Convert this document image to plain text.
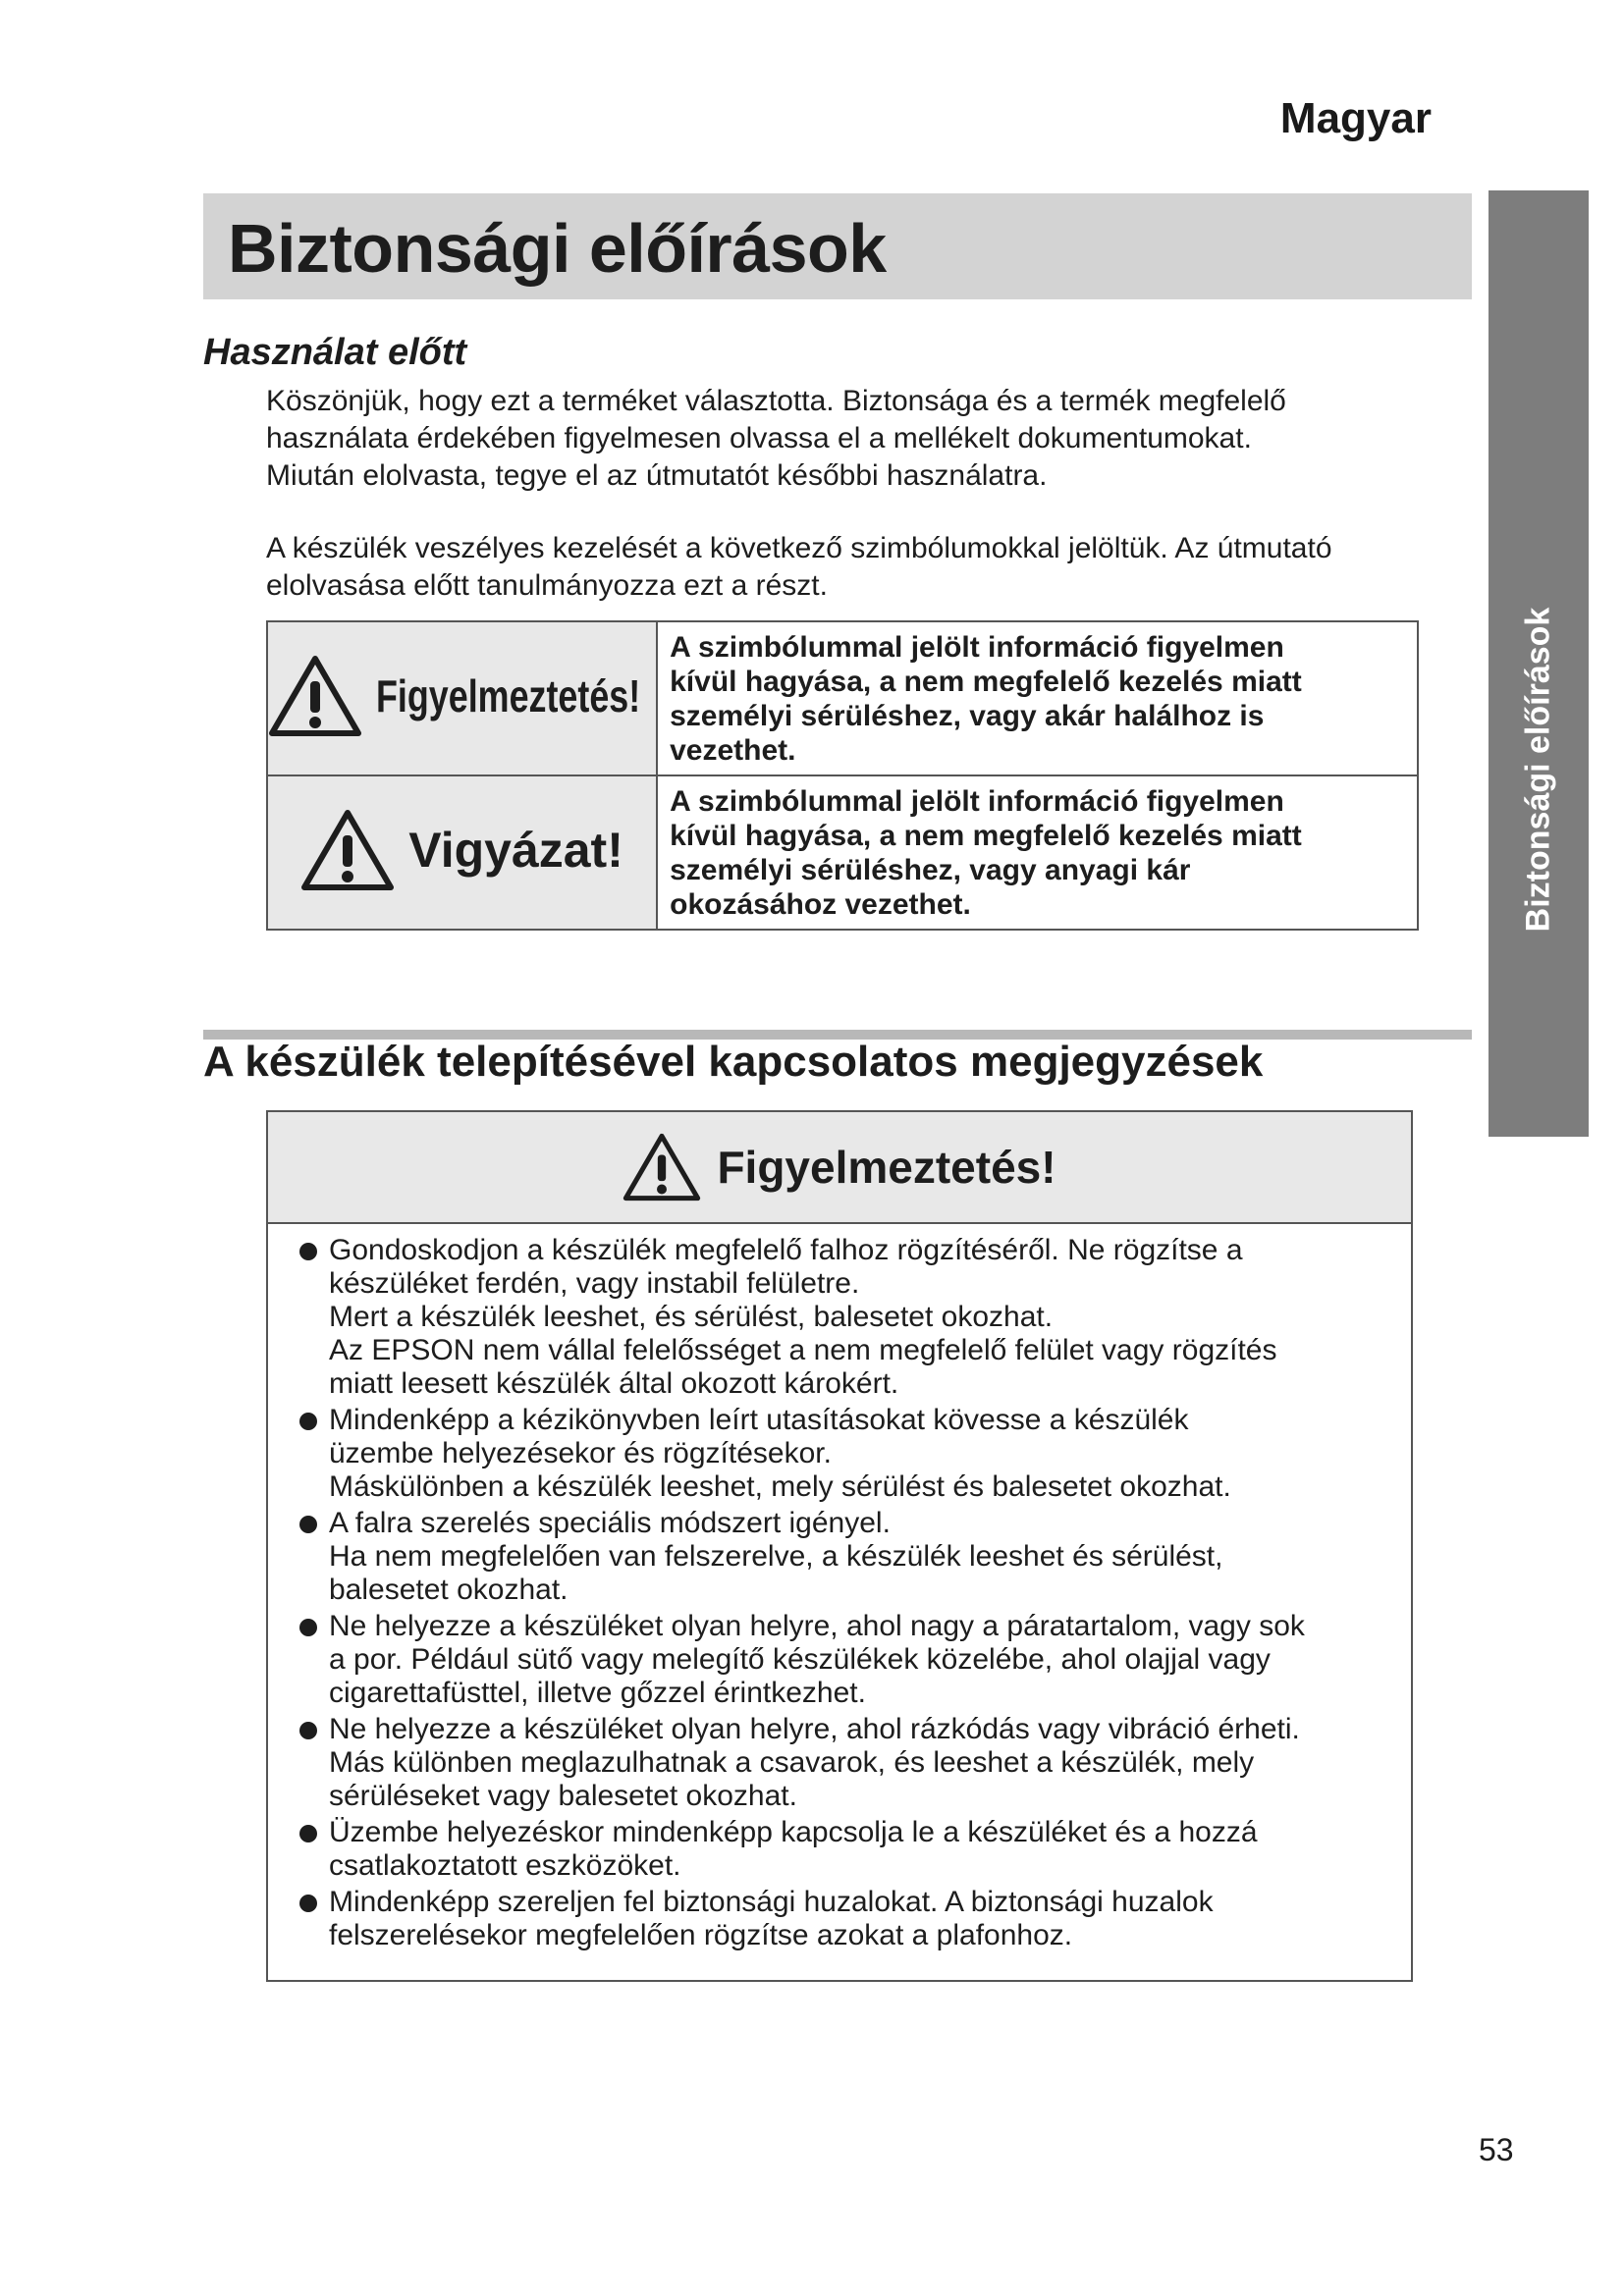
Magyar
Biztonsági előírások
Biztonsági előírások
Használat előtt

Köszönjük, hogy ezt a terméket választotta. Biztonsága és a termék megfelelő
használata érdekében figyelmesen olvassa el a mellékelt dokumentumokat.
Miután elolvasta, tegye el az útmutatót későbbi használatra.

A készülék veszélyes kezelését a következő szimbólumokkal jelöltük. Az útmutató
elolvasása előtt tanulmányozza ezt a részt.

Figyelmeztetés!	A szimbólummal jelölt információ figyelmen
kívül hagyása, a nem megfelelő kezelés miatt
személyi sérüléshez, vagy akár halálhoz is
vezethet.

Vigyázat!	A szimbólummal jelölt információ figyelmen
kívül hagyása, a nem megfelelő kezelés miatt
személyi sérüléshez, vagy anyagi kár
okozásához vezethet.
A készülék telepítésével kapcsolatos megjegyzések
Figyelmeztetés!
Gondoskodjon a készülék megfelelő falhoz rögzítéséről. Ne rögzítse a
készüléket ferdén, vagy instabil felületre.
Mert a készülék leeshet, és sérülést, balesetet okozhat.
Az EPSON nem vállal felelősséget a nem megfelelő felület vagy rögzítés
miatt leesett készülék által okozott károkért.
Mindenképp a kézikönyvben leírt utasításokat kövesse a készülék
üzembe helyezésekor és rögzítésekor.
Máskülönben a készülék leeshet, mely sérülést és balesetet okozhat.
A falra szerelés speciális módszert igényel.
Ha nem megfelelően van felszerelve, a készülék leeshet és sérülést,
balesetet okozhat.
Ne helyezze a készüléket olyan helyre, ahol nagy a páratartalom, vagy sok
a por. Például sütő vagy melegítő készülékek közelébe, ahol olajjal vagy
cigarettafüsttel, illetve gőzzel érintkezhet.
Ne helyezze a készüléket olyan helyre, ahol rázkódás vagy vibráció érheti.
Más különben meglazulhatnak a csavarok, és leeshet a készülék, mely
sérüléseket vagy balesetet okozhat.
Üzembe helyezéskor mindenképp kapcsolja le a készüléket és a hozzá
csatlakoztatott eszközöket.
Mindenképp szereljen fel biztonsági huzalokat. A biztonsági huzalok
felszerelésekor megfelelően rögzítse azokat a plafonhoz.
53
